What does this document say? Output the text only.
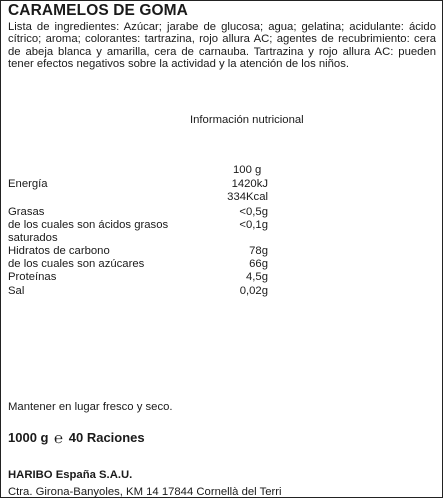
CARAMELOS DE GOMA
Lista de ingredientes: Azúcar; jarabe de glucosa; agua; gelatina; acidulante: ácido cítrico; aroma; colorantes: tartrazina, rojo allura AC; agentes de recubrimiento: cera de abeja blanca y amarilla, cera de carnauba. Tartrazina y rojo allura AC: pueden tener efectos negativos sobre la actividad y la atención de los niños.
Información nutricional
100 g
Energía	1420kJ
334Kcal
Grasas	<0,5g
de los cuales son ácidos grasos	<0,1g
saturados
Hidratos de carbono	78g
de los cuales son azúcares	66g
Proteínas	4,5g
Sal	0,02g
Mantener en lugar fresco y seco.
1000 g ℮ 40 Raciones
HARIBO España S.A.U.
Ctra. Girona-Banyoles, KM 14 17844 Cornellà del Terri
